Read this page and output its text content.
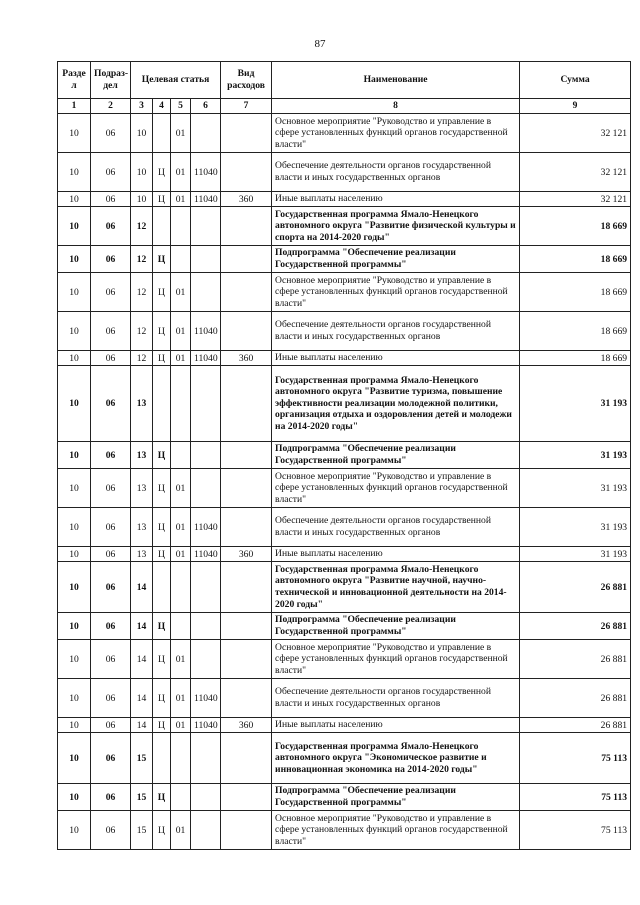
87
Разде л	Подраз-дел	Целевая статья				Вид расходов	Наименование	Сумма
1	2	3	4	5	6	7	8	9
10	06	10		01			Основное мероприятие "Руководство и управление в сфере установленных функций органов государственной власти"	32 121
10	06	10	Ц	01	11040		Обеспечение деятельности органов государственной власти и иных государственных органов	32 121
10	06	10	Ц	01	11040	360	Иные выплаты населению	32 121
10	06	12					Государственная программа Ямало-Ненецкого автономного округа "Развитие физической культуры и спорта на 2014-2020 годы"	18 669
10	06	12	Ц				Подпрограмма "Обеспечение реализации Государственной программы"	18 669
10	06	12	Ц	01			Основное мероприятие "Руководство и управление в сфере установленных функций органов государственной власти"	18 669
10	06	12	Ц	01	11040		Обеспечение деятельности органов государственной власти и иных государственных органов	18 669
10	06	12	Ц	01	11040	360	Иные выплаты населению	18 669
10	06	13					Государственная программа Ямало-Ненецкого автономного округа "Развитие туризма, повышение эффективности реализации молодежной политики, организация отдыха и оздоровления детей и молодежи на 2014-2020 годы"	31 193
10	06	13	Ц				Подпрограмма "Обеспечение реализации Государственной программы"	31 193
10	06	13	Ц	01			Основное мероприятие "Руководство и управление в сфере установленных функций органов государственной власти"	31 193
10	06	13	Ц	01	11040		Обеспечение деятельности органов государственной власти и иных государственных органов	31 193
10	06	13	Ц	01	11040	360	Иные выплаты населению	31 193
10	06	14					Государственная программа Ямало-Ненецкого автономного округа "Развитие научной, научно-технической и инновационной деятельности на 2014-2020 годы"	26 881
10	06	14	Ц				Подпрограмма "Обеспечение реализации Государственной программы"	26 881
10	06	14	Ц	01			Основное мероприятие "Руководство и управление в сфере установленных функций органов государственной власти"	26 881
10	06	14	Ц	01	11040		Обеспечение деятельности органов государственной власти и иных государственных органов	26 881
10	06	14	Ц	01	11040	360	Иные выплаты населению	26 881
10	06	15					Государственная программа Ямало-Ненецкого автономного округа "Экономическое развитие и инновационная экономика на 2014-2020 годы"	75 113
10	06	15	Ц				Подпрограмма "Обеспечение реализации Государственной программы"	75 113
10	06	15	Ц	01			Основное мероприятие "Руководство и управление в сфере установленных функций органов государственной власти"	75 113
